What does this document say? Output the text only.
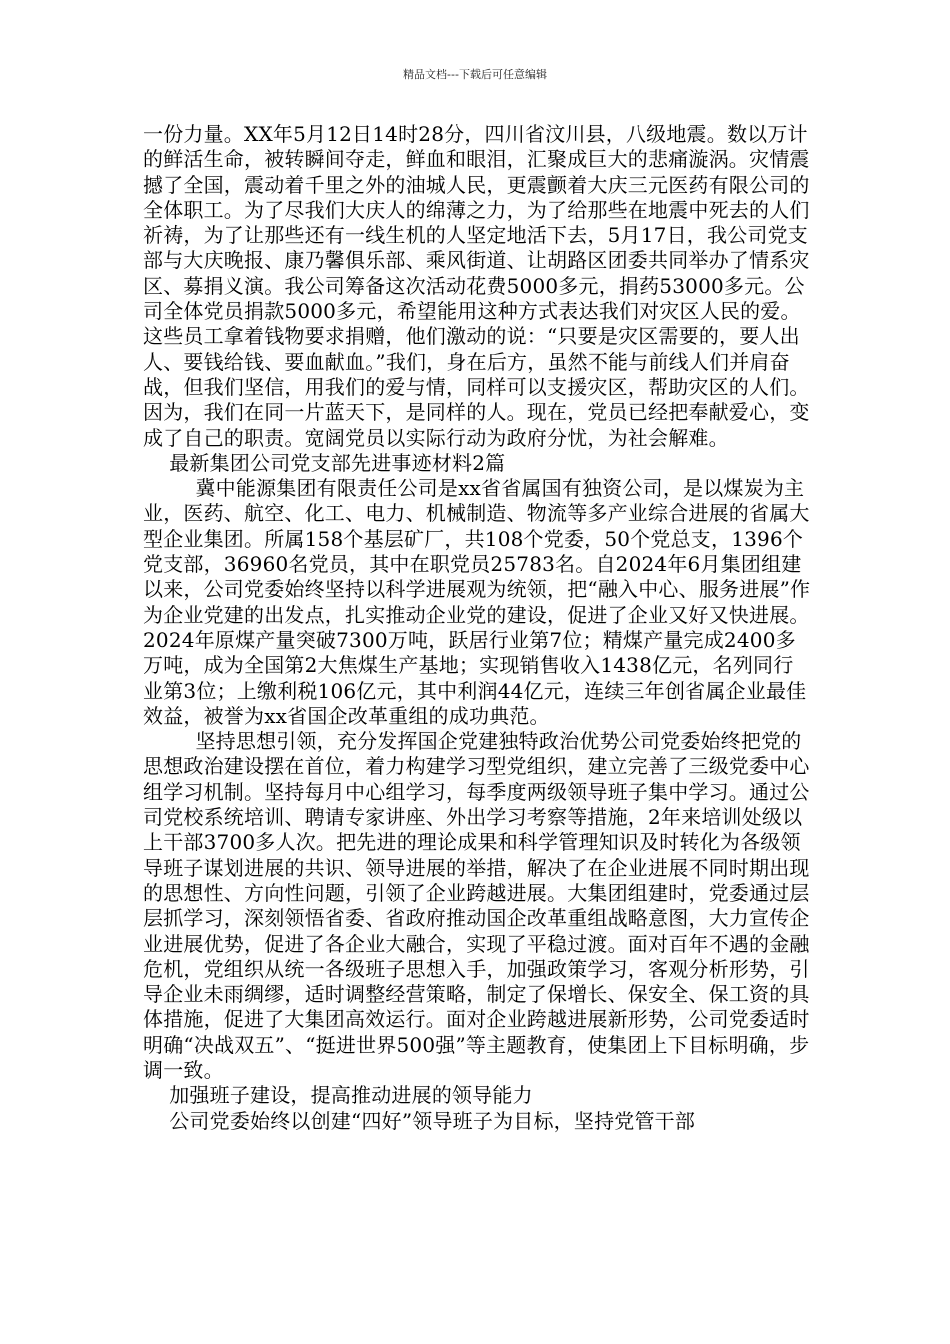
精品文档---下载后可任意编辑

一份力量。XX年5月12日14时28分，四川省汶川县，八级地震。数以万计的鲜活生命，被转瞬间夺走，鲜血和眼泪，汇聚成巨大的悲痛漩涡。灾情震撼了全国，震动着千里之外的油城人民，更震颤着大庆三元医药有限公司的全体职工。为了尽我们大庆人的绵薄之力，为了给那些在地震中死去的人们祈祷，为了让那些还有一线生机的人坚定地活下去，5月17日，我公司党支部与大庆晚报、康乃馨俱乐部、乘风街道、让胡路区团委共同举办了情系灾区、募捐义演。我公司筹备这次活动花费5000多元，捐药53000多元。公司全体党员捐款5000多元，希望能用这种方式表达我们对灾区人民的爱。这些员工拿着钱物要求捐赠，他们激动的说：“只要是灾区需要的，要人出人、要钱给钱、要血献血。”我们，身在后方，虽然不能与前线人们并肩奋战，但我们坚信，用我们的爱与情，同样可以支援灾区，帮助灾区的人们。因为，我们在同一片蓝天下，是同样的人。现在，党员已经把奉献爱心，变成了自己的职责。宽阔党员以实际行动为政府分忧，为社会解难。

最新集团公司党支部先进事迹材料2篇

冀中能源集团有限责任公司是xx省省属国有独资公司，是以煤炭为主业，医药、航空、化工、电力、机械制造、物流等多产业综合进展的省属大型企业集团。所属158个基层矿厂，共108个党委，50个党总支，1396个党支部，36960名党员，其中在职党员25783名。自2024年6月集团组建以来，公司党委始终坚持以科学进展观为统领，把“融入中心、服务进展”作为企业党建的出发点，扎实推动企业党的建设，促进了企业又好又快进展。2024年原煤产量突破7300万吨，跃居行业第7位；精煤产量完成2400多万吨，成为全国第2大焦煤生产基地；实现销售收入1438亿元，名列同行业第3位；上缴利税106亿元，其中利润44亿元，连续三年创省属企业最佳效益，被誉为xx省国企改革重组的成功典范。

坚持思想引领，充分发挥国企党建独特政治优势公司党委始终把党的思想政治建设摆在首位，着力构建学习型党组织，建立完善了三级党委中心组学习机制。坚持每月中心组学习，每季度两级领导班子集中学习。通过公司党校系统培训、聘请专家讲座、外出学习考察等措施，2年来培训处级以上干部3700多人次。把先进的理论成果和科学管理知识及时转化为各级领导班子谋划进展的共识、领导进展的举措，解决了在企业进展不同时期出现的思想性、方向性问题，引领了企业跨越进展。大集团组建时，党委通过层层抓学习，深刻领悟省委、省政府推动国企改革重组战略意图，大力宣传企业进展优势，促进了各企业大融合，实现了平稳过渡。面对百年不遇的金融危机，党组织从统一各级班子思想入手，加强政策学习，客观分析形势，引导企业未雨绸缪，适时调整经营策略，制定了保增长、保安全、保工资的具体措施，促进了大集团高效运行。面对企业跨越进展新形势，公司党委适时明确“决战双五”、“挺进世界500强”等主题教育，使集团上下目标明确，步调一致。

加强班子建设，提高推动进展的领导能力

公司党委始终以创建“四好”领导班子为目标，坚持党管干部
